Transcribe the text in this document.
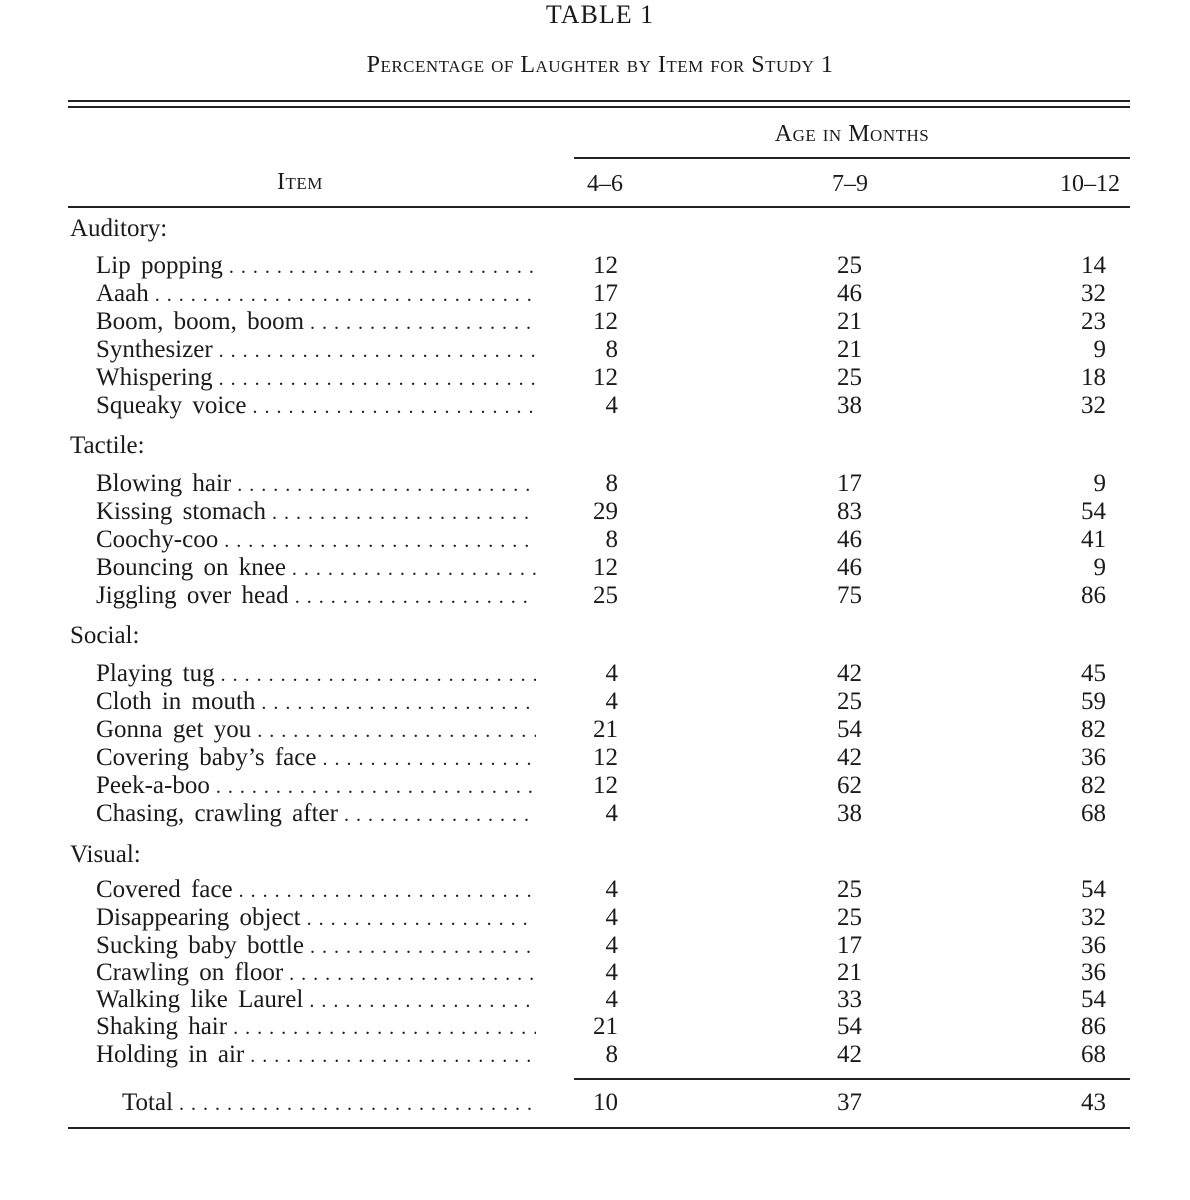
TABLE 1
Percentage of Laughter by Item for Study 1
Age in Months
Item	4–6	7–9	10–12
Auditory:
Lip popping . . .	12	25	14
Aaah . . .	17	46	32
Boom, boom, boom . . .	12	21	23
Synthesizer . . .	8	21	9
Whispering . . .	12	25	18
Squeaky voice . . .	4	38	32
Tactile:
Blowing hair . . .	8	17	9
Kissing stomach . . .	29	83	54
Coochy-coo . . .	8	46	41
Bouncing on knee . . .	12	46	9
Jiggling over head . . .	25	75	86
Social:
Playing tug . . .	4	42	45
Cloth in mouth . . .	4	25	59
Gonna get you . . .	21	54	82
Covering baby’s face . . .	12	42	36
Peek-a-boo . . .	12	62	82
Chasing, crawling after . . .	4	38	68
Visual:
Covered face . . .	4	25	54
Disappearing object . . .	4	25	32
Sucking baby bottle . . .	4	17	36
Crawling on floor . . .	4	21	36
Walking like Laurel . . .	4	33	54
Shaking hair . . .	21	54	86
Holding in air . . .	8	42	68
Total . . .	10	37	43
